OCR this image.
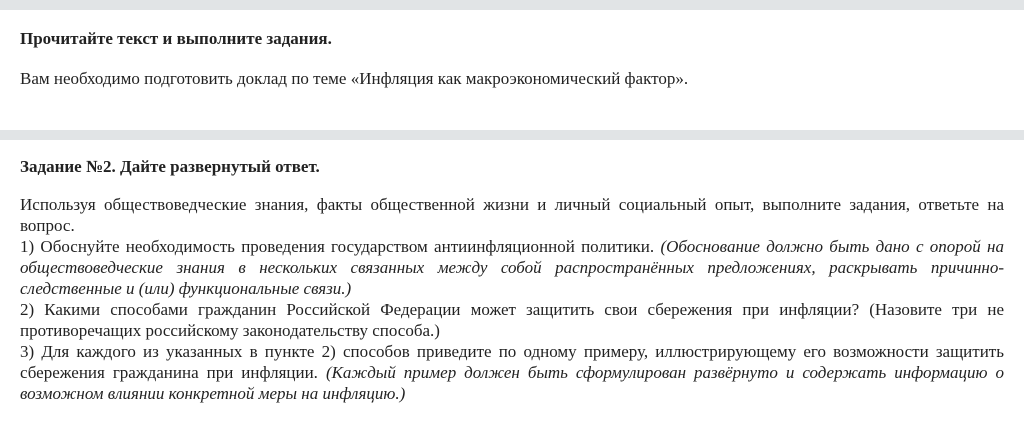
Прочитайте текст и выполните задания.

Вам необходимо подготовить доклад по теме «Инфляция как макроэкономический фактор».

Задание №2. Дайте развернутый ответ.

Используя обществоведческие знания, факты общественной жизни и личный социальный опыт, выполните задания, ответьте на вопрос.

1) Обоснуйте необходимость проведения государством антиинфляционной политики. (Обоснование должно быть дано с опорой на обществоведческие знания в нескольких связанных между собой распространённых предложениях, раскрывать причинно-следственные и (или) функциональные связи.)

2) Какими способами гражданин Российской Федерации может защитить свои сбережения при инфляции? (Назовите три не противоречащих российскому законодательству способа.)

3) Для каждого из указанных в пункте 2) способов приведите по одному примеру, иллюстрирующему его возможности защитить сбережения гражданина при инфляции. (Каждый пример должен быть сформулирован развёрнуто и содержать информацию о возможном влиянии конкретной меры на инфляцию.)
